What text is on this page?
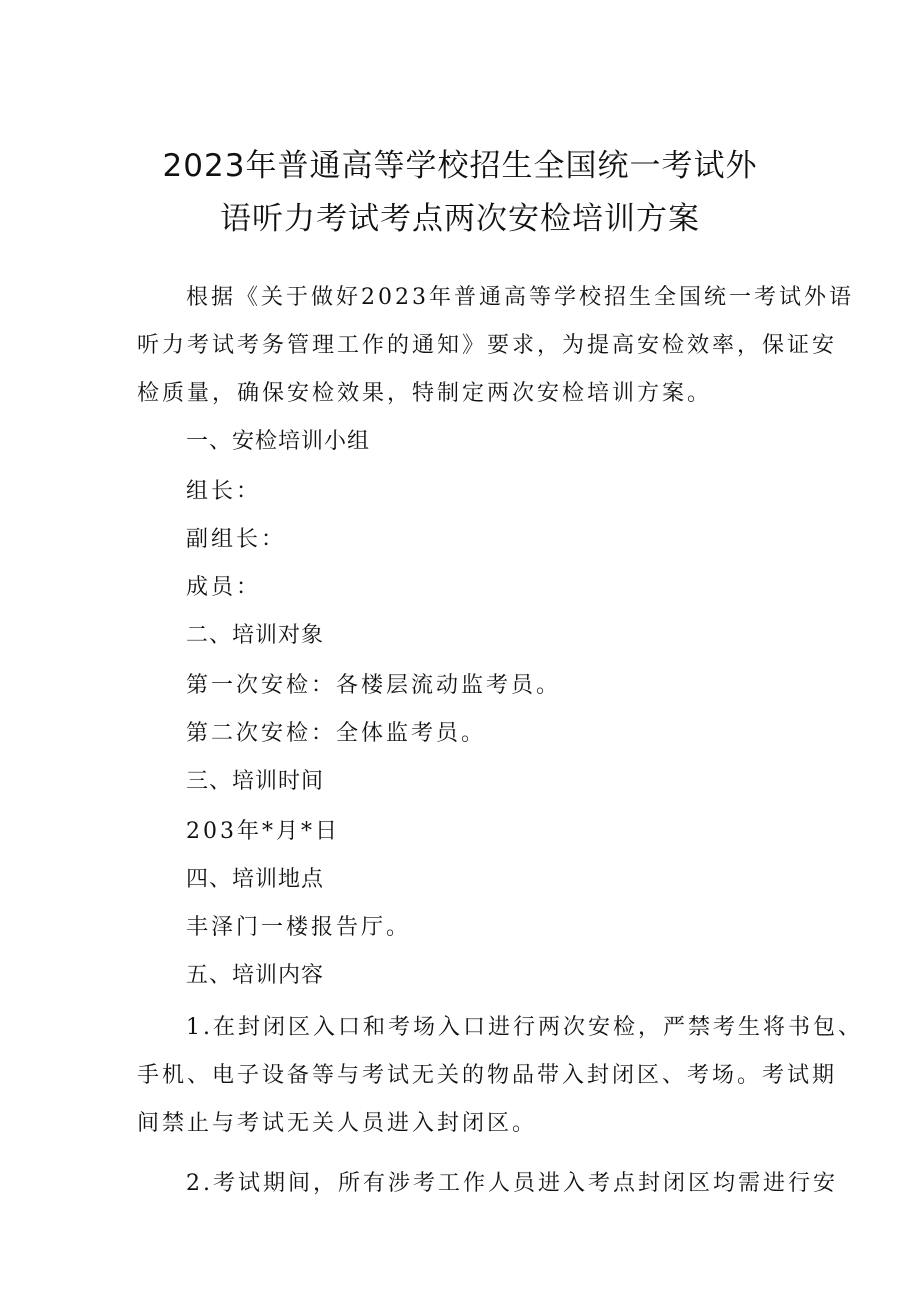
2023年普通高等学校招生全国统一考试外
语听力考试考点两次安检培训方案
根据《关于做好2023年普通高等学校招生全国统一考试外语
听力考试考务管理工作的通知》要求，为提高安检效率，保证安
检质量，确保安检效果，特制定两次安检培训方案。
一、安检培训小组
组长：
副组长：
成员：
二、培训对象
第一次安检：各楼层流动监考员。
第二次安检：全体监考员。
三、培训时间
203年*月*日
四、培训地点
丰泽门一楼报告厅。
五、培训内容
1.在封闭区入口和考场入口进行两次安检，严禁考生将书包、
手机、电子设备等与考试无关的物品带入封闭区、考场。考试期
间禁止与考试无关人员进入封闭区。
2.考试期间，所有涉考工作人员进入考点封闭区均需进行安
